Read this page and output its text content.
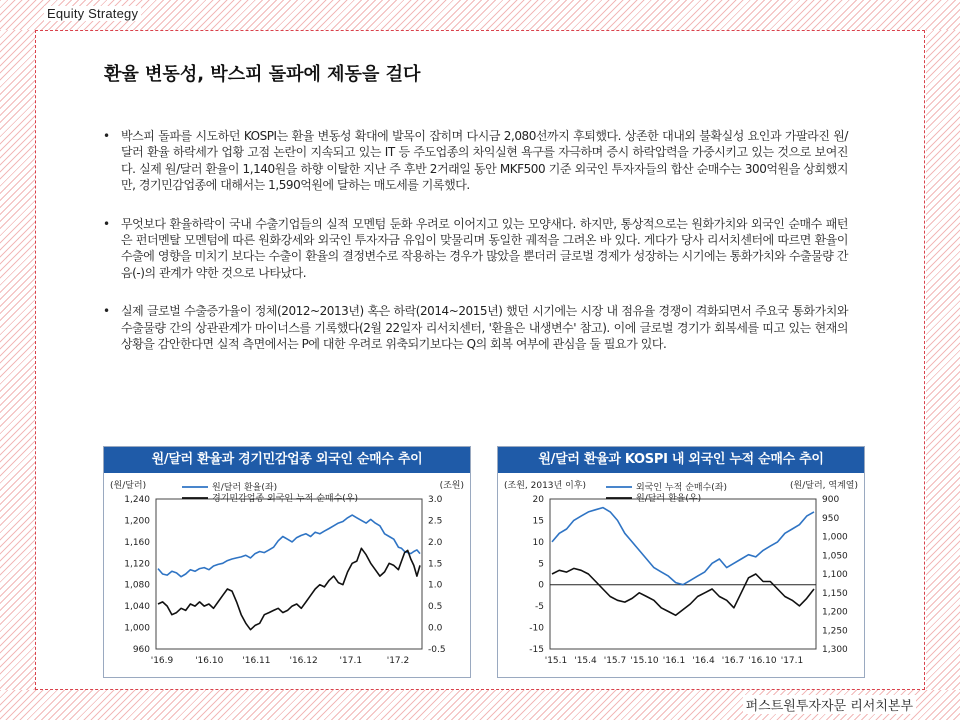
Equity Strategy
환율 변동성, 박스피 돌파에 제동을 걸다
• 박스피 돌파를 시도하던 KOSPI는 환율 변동성 확대에 발목이 잡히며 다시금 2,080선까지 후퇴했다. 상존한 대내외 불확실성 요인과 가팔라진 원/달러 환율 하락세가 업황 고점 논란이 지속되고 있는 IT 등 주도업종의 차익실현 욕구를 자극하며 증시 하락압력을 가중시키고 있는 것으로 보여진다. 실제 원/달러 환율이 1,140원을 하향 이탈한 지난 주 후반 2거래일 동안 MKF500 기준 외국인 투자자들의 합산 순매수는 300억원을 상회했지만, 경기민감업종에 대해서는 1,590억원에 달하는 매도세를 기록했다.
• 무엇보다 환율하락이 국내 수출기업들의 실적 모멘텀 둔화 우려로 이어지고 있는 모양새다. 하지만, 통상적으로는 원화가치와 외국인 순매수 패턴은 펀더멘탈 모멘텀에 따른 원화강세와 외국인 투자자금 유입이 맞물리며 동일한 궤적을 그려온 바 있다. 게다가 당사 리서치센터에 따르면 환율이 수출에 영향을 미치기 보다는 수출이 환율의 결정변수로 작용하는 경우가 많았을 뿐더러 글로벌 경제가 성장하는 시기에는 통화가치와 수출물량 간 음(-)의 관계가 약한 것으로 나타났다.
• 실제 글로벌 수출증가율이 정체(2012~2013년) 혹은 하락(2014~2015년) 했던 시기에는 시장 내 점유율 경쟁이 격화되면서 주요국 통화가치와 수출물량 간의 상관관계가 마이너스를 기록했다(2월 22일자 리서치센터, '환율은 내생변수' 참고). 이에 글로벌 경기가 회복세를 띠고 있는 현재의 상황을 감안한다면 실적 측면에서는 P에 대한 우려로 위축되기보다는 Q의 회복 여부에 관심을 둘 필요가 있다.
원/달러 환율과 경기민감업종 외국인 순매수 추이
(원/달러)	(조원)
1,240
1,200
1,160
1,120
1,080
1,040
1,000
960
3.0
2.5
2.0
1.5
1.0
0.5
0.0
-0.5
'16.9 '16.10 '16.11 '16.12 '17.1	'17.2
원/달러 환율(좌)
경기민감업종 외국인 누적 순매수(우)
원/달러 환율과 KOSPI 내 외국인 누적 순매수 추이
(조원, 2013년 이후)	(원/달러, 역계열)
20
15
10
5
0
-5
-10
-15
900
950
1,000
1,050
1,100
1,150
1,200
1,250
1,300
'15.1 '15.4 '15.7 '15.10 '16.1 '16.4 '16.7 '16.10 '17.1
외국인 누적 순매수(좌)
원/달러 환율(우)
퍼스트원투자자문 리서치본부
